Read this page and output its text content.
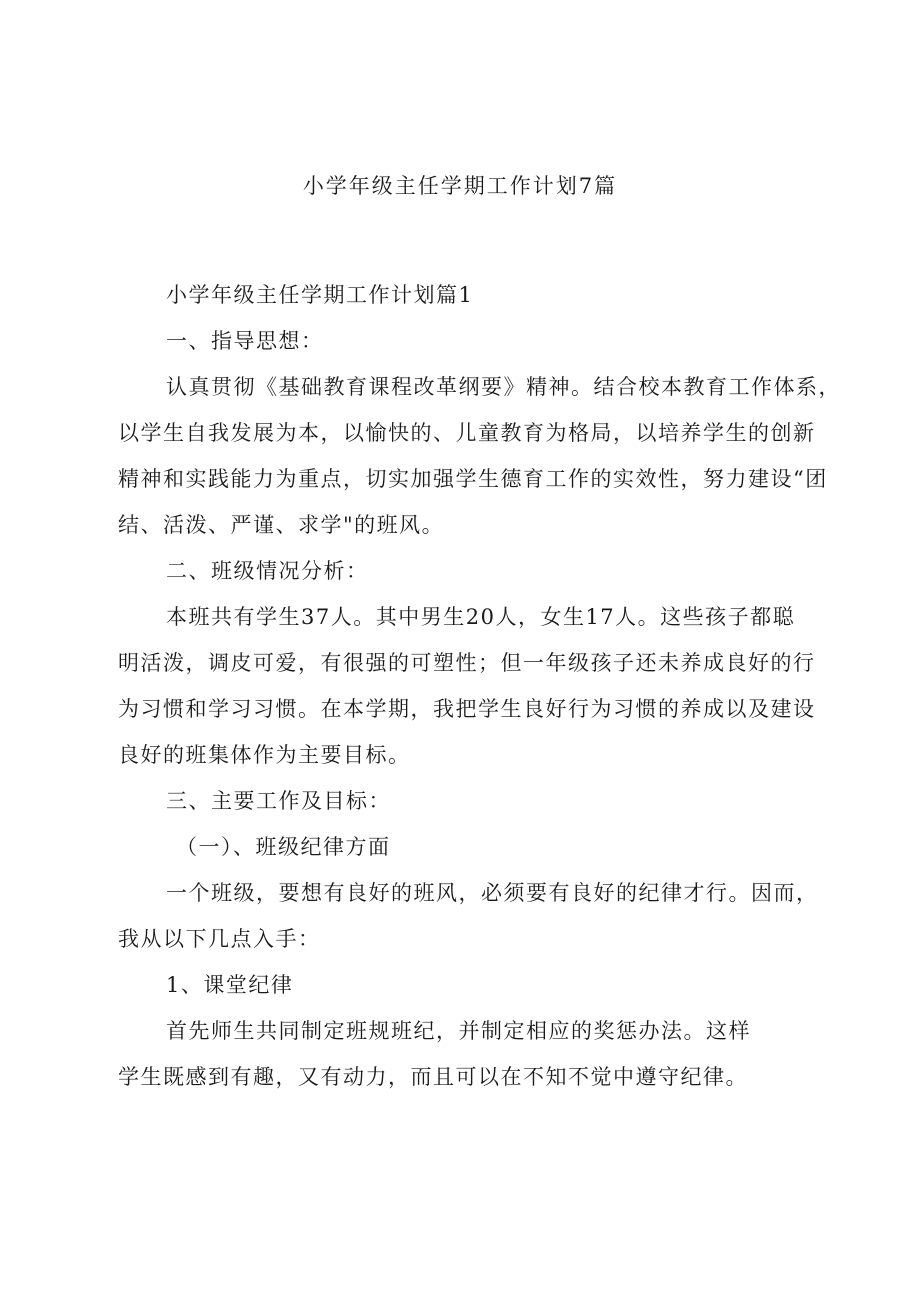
小学年级主任学期工作计划7篇

小学年级主任学期工作计划篇1

一、指导思想：

认真贯彻《基础教育课程改革纲要》精神。结合校本教育工作体系，

以学生自我发展为本，以愉快的、儿童教育为格局，以培养学生的创新

精神和实践能力为重点，切实加强学生德育工作的实效性，努力建设“团

结、活泼、严谨、求学"的班风。

二、班级情况分析：

本班共有学生37人。其中男生20人，女生17人。这些孩子都聪

明活泼，调皮可爱，有很强的可塑性；但一年级孩子还未养成良好的行

为习惯和学习习惯。在本学期，我把学生良好行为习惯的养成以及建设

良好的班集体作为主要目标。

三、主要工作及目标：

（一）、班级纪律方面

一个班级，要想有良好的班风，必须要有良好的纪律才行。因而，

我从以下几点入手：

1、课堂纪律

首先师生共同制定班规班纪，并制定相应的奖惩办法。这样

学生既感到有趣，又有动力，而且可以在不知不觉中遵守纪律。
